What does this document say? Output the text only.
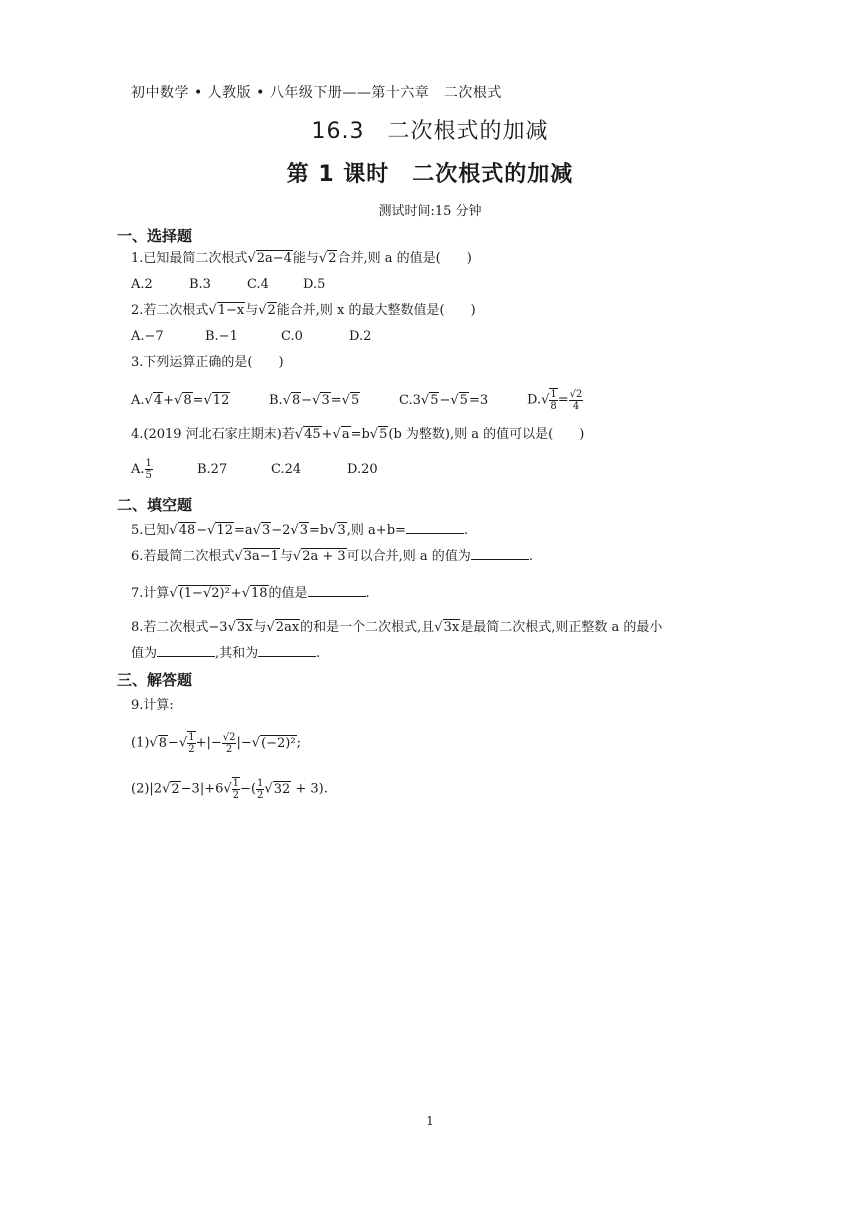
初中数学 • 人教版 • 八年级下册——第十六章　二次根式
16.3　二次根式的加减
第 1 课时　二次根式的加减
测试时间:15 分钟
一、选择题
1.已知最简二次根式√2a−4能与√2合并,则 a 的值是(　　)
A.2	B.3	C.4	D.5
2.若二次根式√1−x与√2能合并,则 x 的最大整数值是(　　)
A.−7	B.−1	C.0	D.2
3.下列运算正确的是(　　)
A.√4+√8=√12	B.√8−√3=√5	C.3√5−√5=3	$D.√ \frac{1}{8} = \frac{√2}{4}$
4.(2019 河北石家庄期末)若√45+√a=b√5(b 为整数),则 a 的值可以是(　　)
A. $\frac{1}{5}$	B.27	C.24	D.20
二、填空题
5.已知√48−√12=a√3−2√3=b√3,则 a+b=	.
6.若最简二次根式√3a−1与√2a + 3可以合并,则 a 的值为	.
7.计算√(1−√2)²+√18的值是	.
8.若二次根式−3√3x与√2ax的和是一个二次根式,且√3x是最简二次根式,则正整数 a 的最小
值为	,其和为	.
三、解答题
9.计算:
$(1)√8-√ \frac{1}{2}$ +|− $\frac{√2}{2} |-√(-2)^2$;
$(2)|2√2-3|+6√ \frac{1}{2}$ −( $\frac{1}{2} √32 + 3$).
1
